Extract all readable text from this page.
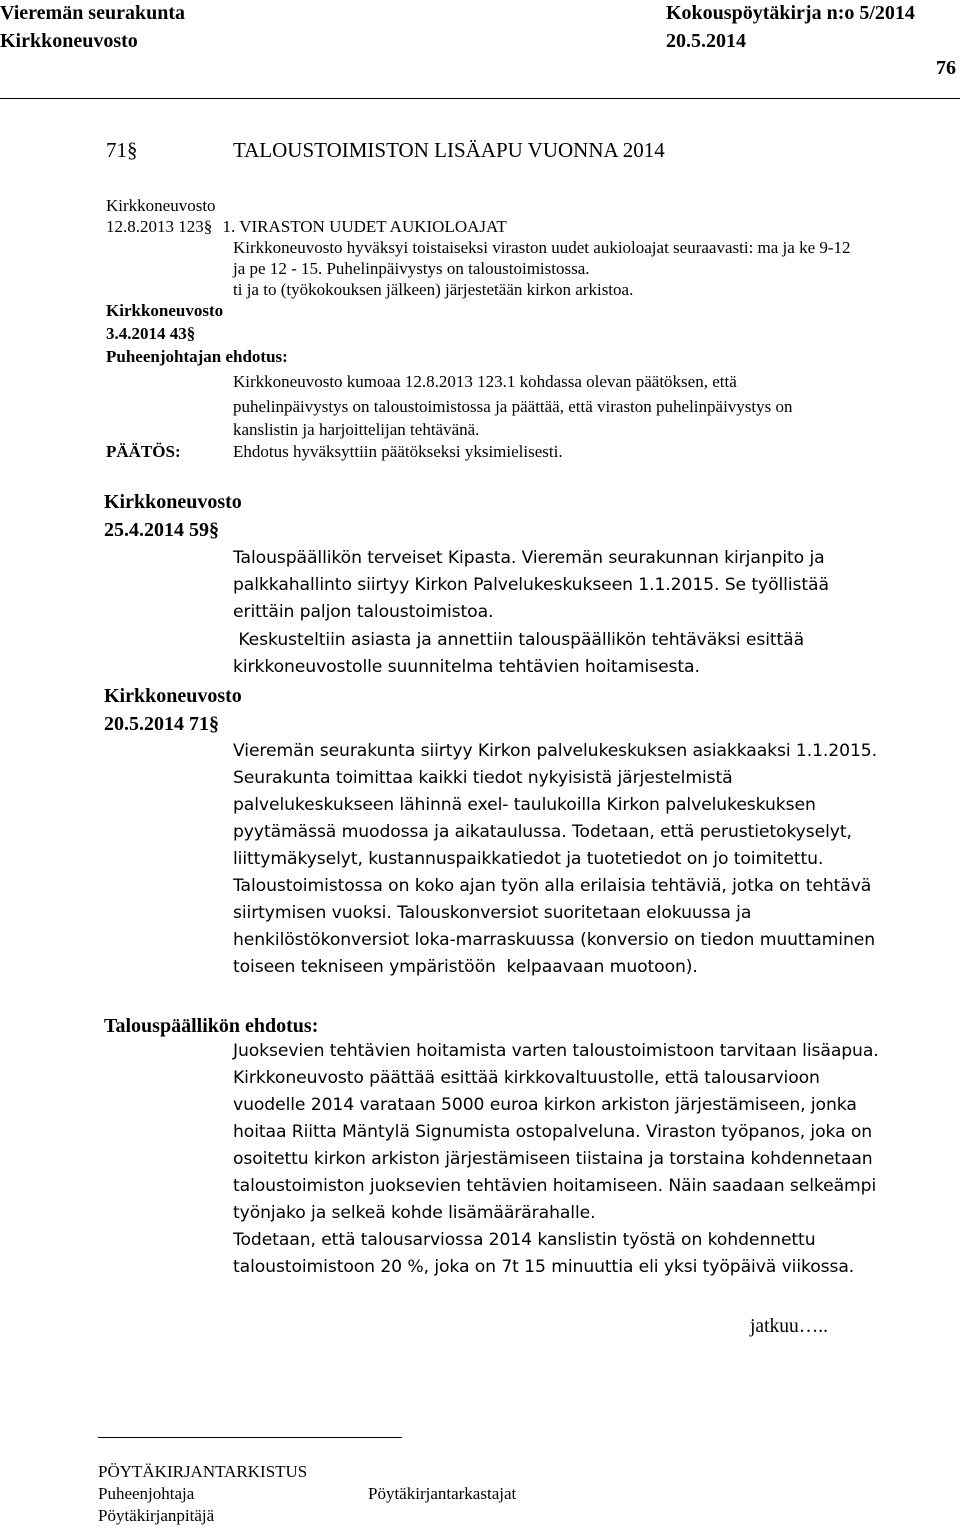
Vieremän seurakunta
Kirkkoneuvosto
Kokouspöytäkirja n:o 5/2014
20.5.2014
76
71§	TALOUSTOIMISTON LISÄAPU VUONNA 2014
Kirkkoneuvosto
12.8.2013 123§ 1. VIRASTON UUDET AUKIOLOAJAT
Kirkkoneuvosto hyväksyi toistaiseksi viraston uudet aukioloajat seuraavasti: ma ja ke 9-12
ja pe 12 - 15. Puhelinpäivystys on taloustoimistossa.
ti ja to (työkokouksen jälkeen) järjestetään kirkon arkistoa.
Kirkkoneuvosto
3.4.2014 43§
Puheenjohtajan ehdotus:
Kirkkoneuvosto kumoaa 12.8.2013 123.1 kohdassa olevan päätöksen, että
puhelinpäivystys on taloustoimistossa ja päättää, että viraston puhelinpäivystys on
kanslistin ja harjoittelijan tehtävänä.
PÄÄTÖS:	Ehdotus hyväksyttiin päätökseksi yksimielisesti.
Kirkkoneuvosto
25.4.2014 59§
Talouspäällikön terveiset Kipasta. Vieremän seurakunnan kirjanpito ja
palkkahallinto siirtyy Kirkon Palvelukeskukseen 1.1.2015. Se työllistää
erittäin paljon taloustoimistoa.
Keskusteltiin asiasta ja annettiin talouspäällikön tehtäväksi esittää
kirkkoneuvostolle suunnitelma tehtävien hoitamisesta.
Kirkkoneuvosto
20.5.2014 71§
Vieremän seurakunta siirtyy Kirkon palvelukeskuksen asiakkaaksi 1.1.2015.
Seurakunta toimittaa kaikki tiedot nykyisistä järjestelmistä
palvelukeskukseen lähinnä exel- taulukoilla Kirkon palvelukeskuksen
pyytämässä muodossa ja aikataulussa. Todetaan, että perustietokyselyt,
liittymäkyselyt, kustannuspaikkatiedot ja tuotetiedot on jo toimitettu.
Taloustoimistossa on koko ajan työn alla erilaisia tehtäviä, jotka on tehtävä
siirtymisen vuoksi. Talouskonversiot suoritetaan elokuussa ja
henkilöstökonversiot loka-marraskuussa (konversio on tiedon muuttaminen
toiseen tekniseen ympäristöön  kelpaavaan muotoon).
Talouspäällikön ehdotus:
Juoksevien tehtävien hoitamista varten taloustoimistoon tarvitaan lisäapua.
Kirkkoneuvosto päättää esittää kirkkovaltuustolle, että talousarvioon
vuodelle 2014 varataan 5000 euroa kirkon arkiston järjestämiseen, jonka
hoitaa Riitta Mäntylä Signumista ostopalveluna. Viraston työpanos, joka on
osoitettu kirkon arkiston järjestämiseen tiistaina ja torstaina kohdennetaan
taloustoimiston juoksevien tehtävien hoitamiseen. Näin saadaan selkeämpi
työnjako ja selkeä kohde lisämäärärahalle.
Todetaan, että talousarviossa 2014 kanslistin työstä on kohdennettu
taloustoimistoon 20 %, joka on 7t 15 minuuttia eli yksi työpäivä viikossa.
jatkuu…..
PÖYTÄKIRJANTARKISTUS
Puheenjohtaja	Pöytäkirjantarkastajat
Pöytäkirjanpitäjä
